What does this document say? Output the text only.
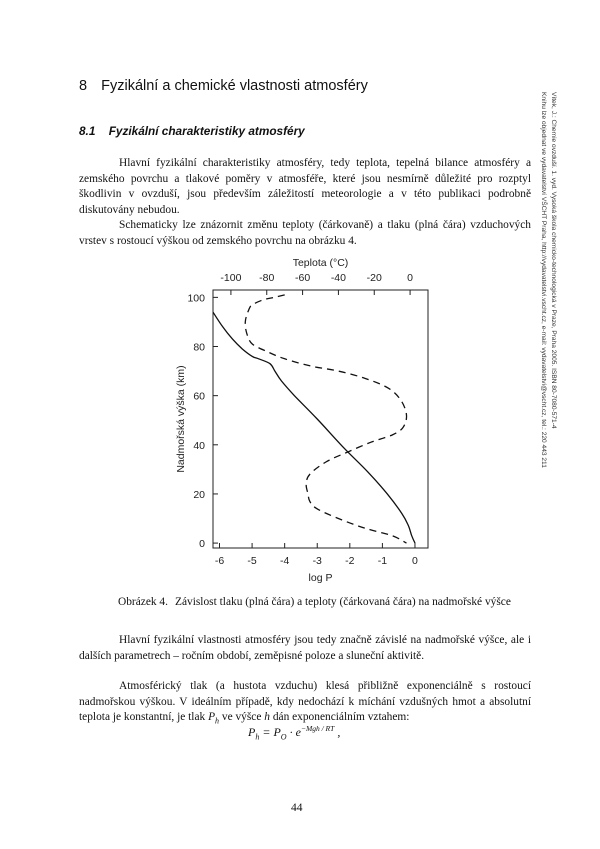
8 Fyzikální a chemické vlastnosti atmosféry
8.1 Fyzikální charakteristiky atmosféry

Hlavní fyzikální charakteristiky atmosféry, tedy teplota, tepelná bilance atmosféry a zemského povrchu a tlakové poměry v atmosféře, které jsou nesmírně důležité pro rozptyl škodlivin v ovzduší, jsou především záležitostí meteorologie a v této publikaci podrobně diskutovány nebudou.

Schematicky lze znázornit změnu teploty (čárkovaně) a tlaku (plná čára) vzduchových vrstev s rostoucí výškou od zemského povrchu na obrázku 4.

-6 -5 -4 -3 -2 -1 0
-100 -80 -60 -40 -20 0
0
20
40
60
80
100
Teplota (°C)
log P
Nadmořská výška (km)
Obrázek 4. Závislost tlaku (plná čára) a teploty (čárkovaná čára) na nadmořské výšce

Hlavní fyzikální vlastnosti atmosféry jsou tedy značně závislé na nadmořské výšce, ale i dalších parametrech – ročním období, zeměpisné poloze a sluneční aktivitě.

Atmosférický tlak (a hustota vzduchu) klesá přibližně exponenciálně s rostoucí nadmořskou výškou. V ideálním případě, kdy nedochází k míchání vzdušných hmot a absolutní teplota je konstantní, je tlak $P_h$ ve výšce h dán exponenciálním vztahem:

$P_h = P_O \cdot e^{-Mgh / RT}$ ,
44
Vítek, J.: Chemie ovzduší. 1. vyd. Vysoká škola chemicko-technologická v Praze, Praha 2005. ISBN 80-7080-571-4
Knihu lze objednat ve vydavatelství VŠCHT Praha, http://vydavatelstvi.vscht.cz, e-mail: vydavatelstvi@vscht.cz, tel.: 220 443 211
